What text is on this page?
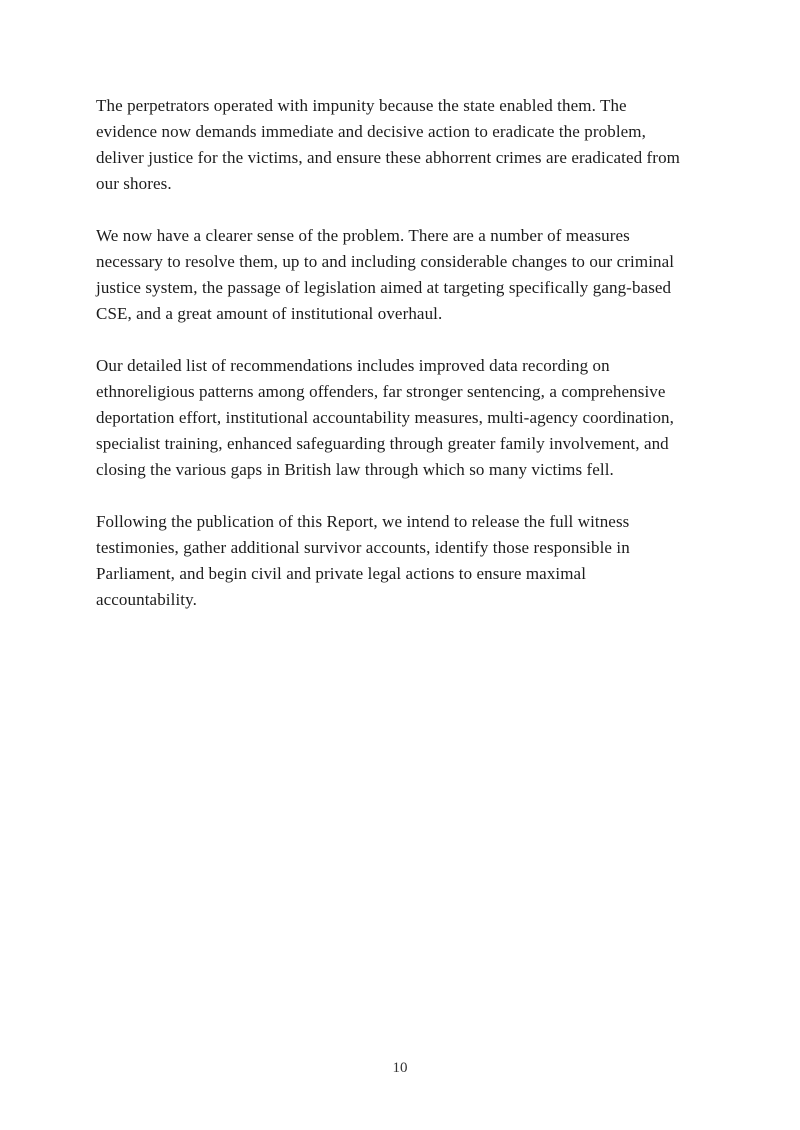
The perpetrators operated with impunity because the state enabled them. The evidence now demands immediate and decisive action to eradicate the problem, deliver justice for the victims, and ensure these abhorrent crimes are eradicated from our shores.

We now have a clearer sense of the problem. There are a number of measures necessary to resolve them, up to and including considerable changes to our criminal justice system, the passage of legislation aimed at targeting specifically gang-based CSE, and a great amount of institutional overhaul.

Our detailed list of recommendations includes improved data recording on ethnoreligious patterns among offenders, far stronger sentencing, a comprehensive deportation effort, institutional accountability measures, multi-agency coordination, specialist training, enhanced safeguarding through greater family involvement, and closing the various gaps in British law through which so many victims fell.

Following the publication of this Report, we intend to release the full witness testimonies, gather additional survivor accounts, identify those responsible in Parliament, and begin civil and private legal actions to ensure maximal accountability.

10
